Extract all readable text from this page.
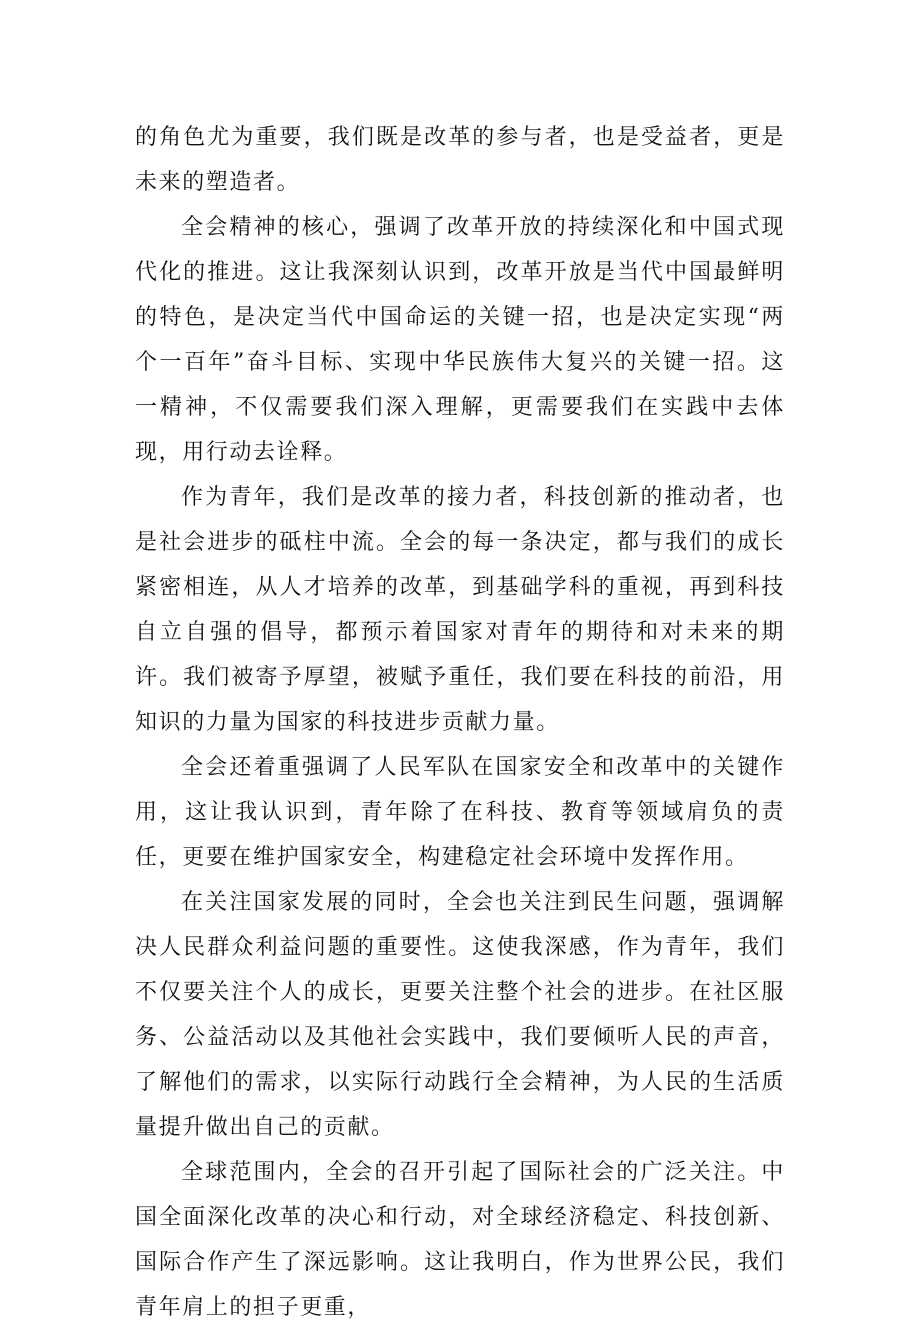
的角色尤为重要，我们既是改革的参与者，也是受益者，更是未来的塑造者。

全会精神的核心，强调了改革开放的持续深化和中国式现代化的推进。这让我深刻认识到，改革开放是当代中国最鲜明的特色，是决定当代中国命运的关键一招，也是决定实现“两个一百年”奋斗目标、实现中华民族伟大复兴的关键一招。这一精神，不仅需要我们深入理解，更需要我们在实践中去体现，用行动去诠释。

作为青年，我们是改革的接力者，科技创新的推动者，也是社会进步的砥柱中流。全会的每一条决定，都与我们的成长紧密相连，从人才培养的改革，到基础学科的重视，再到科技自立自强的倡导，都预示着国家对青年的期待和对未来的期许。我们被寄予厚望，被赋予重任，我们要在科技的前沿，用知识的力量为国家的科技进步贡献力量。

全会还着重强调了人民军队在国家安全和改革中的关键作用，这让我认识到，青年除了在科技、教育等领域肩负的责任，更要在维护国家安全，构建稳定社会环境中发挥作用。

在关注国家发展的同时，全会也关注到民生问题，强调解决人民群众利益问题的重要性。这使我深感，作为青年，我们不仅要关注个人的成长，更要关注整个社会的进步。在社区服务、公益活动以及其他社会实践中，我们要倾听人民的声音，了解他们的需求，以实际行动践行全会精神，为人民的生活质量提升做出自己的贡献。

全球范围内，全会的召开引起了国际社会的广泛关注。中国全面深化改革的决心和行动，对全球经济稳定、科技创新、国际合作产生了深远影响。这让我明白，作为世界公民，我们青年肩上的担子更重，
